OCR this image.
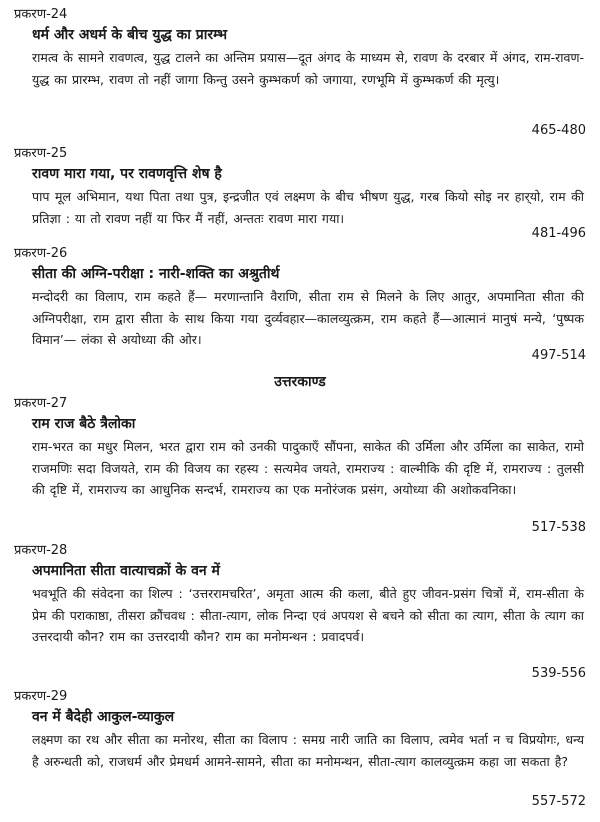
प्रकरण-24
धर्म और अधर्म के बीच युद्ध का प्रारम्भ
रामत्व के सामने रावणत्व, युद्ध टालने का अन्तिम प्रयास—दूत अंगद के माध्यम से, रावण के दरबार में अंगद, राम-रावण-युद्ध का प्रारम्भ, रावण तो नहीं जागा किन्तु उसने कुम्भकर्ण को जगाया, रणभूमि में कुम्भकर्ण की मृत्यु।
465-480
प्रकरण-25
रावण मारा गया, पर रावणवृत्ति शेष है
पाप मूल अभिमान, यथा पिता तथा पुत्र, इन्द्रजीत एवं लक्ष्मण के बीच भीषण युद्ध, गरब कियो सोइ नर हार्‌यो, राम की प्रतिज्ञा : या तो रावण नहीं या फिर मैं नहीं, अन्ततः रावण मारा गया।
481-496
प्रकरण-26
सीता की अग्नि-परीक्षा : नारी-शक्ति का अश्रुतीर्थ
मन्दोदरी का विलाप, राम कहते हैं— मरणान्तानि वैराणि, सीता राम से मिलने के लिए आतुर, अपमानिता सीता की अग्निपरीक्षा, राम द्वारा सीता के साथ किया गया दुर्व्यवहार—कालव्युत्क्रम, राम कहते हैं—आत्मानं मानुषं मन्ये, ‘पुष्पक विमान’— लंका से अयोध्या की ओर।
497-514
उत्तरकाण्ड
प्रकरण-27
राम राज बैठे त्रैलोका
राम-भरत का मधुर मिलन, भरत द्वारा राम को उनकी पादुकाएँ सौंपना, साकेत की उर्मिला और उर्मिला का साकेत, रामो राजमणिः सदा विजयते, राम की विजय का रहस्य : सत्यमेव जयते, रामराज्य : वाल्मीकि की दृष्टि में, रामराज्य : तुलसी की दृष्टि में, रामराज्य का आधुनिक सन्दर्भ, रामराज्य का एक मनोरंजक प्रसंग, अयोध्या की अशोकवनिका।
517-538
प्रकरण-28
अपमानिता सीता वात्याचक्रों के वन में
भवभूति की संवेदना का शिल्प : ‘उत्तररामचरित’, अमृता आत्म की कला, बीते हुए जीवन-प्रसंग चित्रों में, राम-सीता के प्रेम की पराकाष्ठा, तीसरा क्रौंचवध : सीता-त्याग, लोक निन्दा एवं अपयश से बचने को सीता का त्याग, सीता के त्याग का उत्तरदायी कौन? राम का उत्तरदायी कौन? राम का मनोमन्थन : प्रवादपर्व।
539-556
प्रकरण-29
वन में बैदेही आकुल-व्याकुल
लक्ष्मण का रथ और सीता का मनोरथ, सीता का विलाप : समग्र नारी जाति का विलाप, त्वमेव भर्ता न च विप्रयोगः, धन्य है अरुन्धती को, राजधर्म और प्रेमधर्म आमने-सामने, सीता का मनोमन्थन, सीता-त्याग कालव्युत्क्रम कहा जा सकता है?
557-572
